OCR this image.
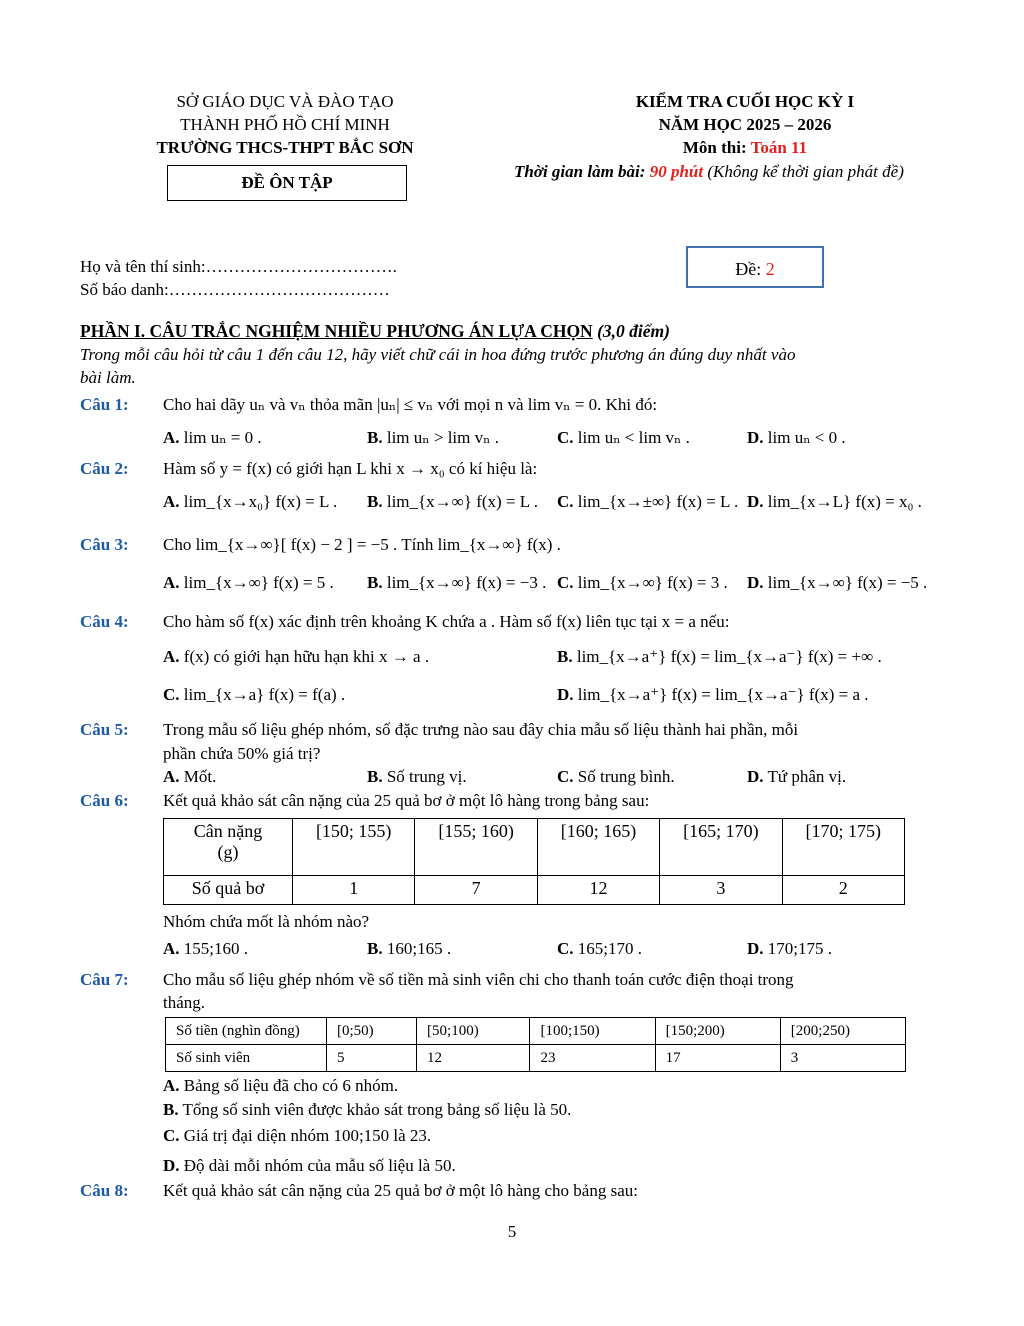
SỞ GIÁO DỤC VÀ ĐÀO TẠO
THÀNH PHỐ HỒ CHÍ MINH
TRƯỜNG THCS-THPT BẮC SƠN
ĐỀ ÔN TẬP
KIỂM TRA CUỐI HỌC KỲ I
NĂM HỌC 2025 – 2026
Môn thi: Toán 11
Thời gian làm bài: 90 phút (Không kể thời gian phát đề)
Họ và tên thí sinh:…………………………….
Số báo danh:…………………………………
Đề: 2
PHẦN I. CÂU TRẮC NGHIỆM NHIỀU PHƯƠNG ÁN LỰA CHỌN (3,0 điểm)
Trong mỗi câu hỏi từ câu 1 đến câu 12, hãy viết chữ cái in hoa đứng trước phương án đúng duy nhất vào
bài làm.
Câu 1: Cho hai dãy uₙ và vₙ thỏa mãn |uₙ| ≤ vₙ với mọi n và lim vₙ = 0. Khi đó:
A. lim uₙ = 0 .	B. lim uₙ > lim vₙ .	C. lim uₙ < lim vₙ .	D. lim uₙ < 0 .
Câu 2: Hàm số y = f(x) có giới hạn L khi x → x₀ có kí hiệu là:
A. lim_{x→x₀} f(x) = L . B. lim_{x→∞} f(x) = L . C. lim_{x→±∞} f(x) = L . D. lim_{x→L} f(x) = x₀ .
Câu 3: Cho lim_{x→∞}[ f(x) − 2 ] = −5 . Tính lim_{x→∞} f(x) .
A. lim_{x→∞} f(x) = 5 . B. lim_{x→∞} f(x) = −3 . C. lim_{x→∞} f(x) = 3 . D. lim_{x→∞} f(x) = −5 .
Câu 4: Cho hàm số f(x) xác định trên khoảng K chứa a . Hàm số f(x) liên tục tại x = a nếu:
A. f(x) có giới hạn hữu hạn khi x → a .	B. lim_{x→a⁺} f(x) = lim_{x→a⁻} f(x) = +∞ .
C. lim_{x→a} f(x) = f(a) .	D. lim_{x→a⁺} f(x) = lim_{x→a⁻} f(x) = a .
Câu 5: Trong mẫu số liệu ghép nhóm, số đặc trưng nào sau đây chia mẫu số liệu thành hai phần, mỗi
phần chứa 50% giá trị?
A. Mốt.	B. Số trung vị.	C. Số trung bình.	D. Tứ phân vị.
Câu 6: Kết quả khảo sát cân nặng của 25 quả bơ ở một lô hàng trong bảng sau:
Cân nặng
(g)	[150; 155)	[155; 160)	[160; 165)	[165; 170)	[170; 175)
Số quả bơ	1	7	12	3	2
Nhóm chứa mốt là nhóm nào?
A. 155;160 .	B. 160;165 .	C. 165;170 .	D. 170;175 .
Câu 7: Cho mẫu số liệu ghép nhóm về số tiền mà sinh viên chi cho thanh toán cước điện thoại trong
tháng.
Số tiền (nghìn đồng)	[0;50)	[50;100)	[100;150)	[150;200)	[200;250)
Số sinh viên	5	12	23	17	3
A. Bảng số liệu đã cho có 6 nhóm.
B. Tổng số sinh viên được khảo sát trong bảng số liệu là 50.
C. Giá trị đại diện nhóm 100;150 là 23.
D. Độ dài mỗi nhóm của mẫu số liệu là 50.
Câu 8: Kết quả khảo sát cân nặng của 25 quả bơ ở một lô hàng cho bảng sau:
5
